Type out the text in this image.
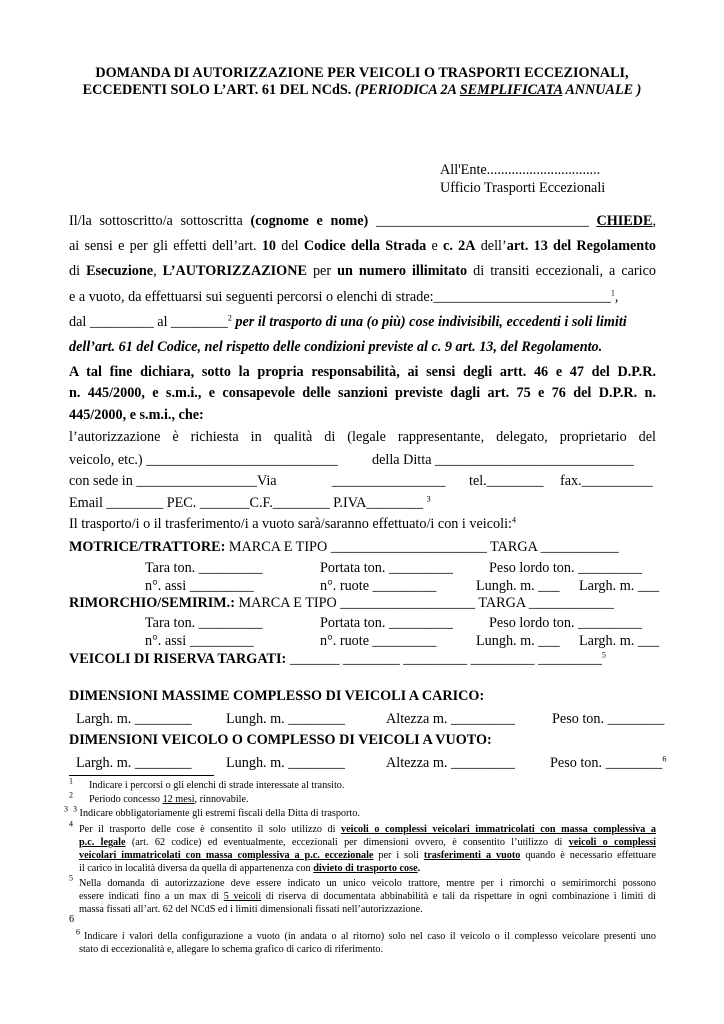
DOMANDA DI AUTORIZZAZIONE PER VEICOLI O TRASPORTI ECCEZIONALI,
ECCEDENTI SOLO L’ART. 61 DEL NCdS. (PERIODICA 2A SEMPLIFICATA ANNUALE )
All'Ente................................
Ufficio Trasporti Eccezionali
Il/la sottoscritto/a sottoscritta (cognome e nome) ______________________________ CHIEDE,
ai sensi e per gli effetti dell’art. 10 del Codice della Strada e c. 2A dell’art. 13 del Regolamento
di Esecuzione, L’AUTORIZZAZIONE per un numero illimitato di transiti eccezionali, a carico
e a vuoto, da effettuarsi sui seguenti percorsi o elenchi di strade:_________________________$^1$,
dal _________ al ________$^2$ per il trasporto di una (o più) cose indivisibili, eccedenti i soli limiti
dell’art. 61 del Codice, nel rispetto delle condizioni previste al c. 9 art. 13, del Regolamento.
A tal fine dichiara, sotto la propria responsabilità, ai sensi degli artt. 46 e 47 del D.P.R.
n. 445/2000, e s.m.i., e consapevole delle sanzioni previste dagli art. 75 e 76 del D.P.R. n.
445/2000, e s.m.i., che:
l’autorizzazione è richiesta in qualità di (legale rappresentante, delegato, proprietario del
veicolo, etc.) ___________________________ della Ditta ____________________________
con sede in _________________Via	________________ tel.________ fax.__________
Email ________ PEC. _______C.F.________ P.IVA________ $^3$
Il trasporto/i o il trasferimento/i a vuoto sarà/saranno effettuato/i con i veicoli:$^4$
MOTRICE/TRATTORE: MARCA E TIPO ______________________ TARGA ___________
Tara ton. _________	Portata ton. _________	Peso lordo ton. _________
n°. assi _________	n°. ruote _________	Lungh. m. ___ Largh. m. ___
RIMORCHIO/SEMIRIM.: MARCA E TIPO ___________________ TARGA ____________
Tara ton. _________	Portata ton. _________	Peso lordo ton. _________
n°. assi _________	n°. ruote _________	Lungh. m. ___ Largh. m. ___
VEICOLI DI RISERVA TARGATI: _______ ________ _________ _________ _________$^5$
DIMENSIONI MASSIME COMPLESSO DI VEICOLI A CARICO:
Largh. m. ________ Lungh. m. ________	Altezza m. _________	Peso ton. ________
DIMENSIONI VEICOLO O COMPLESSO DI VEICOLI A VUOTO:
Largh. m. ________ Lungh. m. ________	Altezza m. _________ Peso ton. ________$^6$
$^1$ Indicare i percorsi o gli elenchi di strade interessate al transito.
$^2$ Periodo concesso 12 mesi, rinnovabile.
$^3$ $^3$ Indicare obbligatoriamente gli estremi fiscali della Ditta di trasporto.
$^4$ Per il trasporto delle cose è consentito il solo utilizzo di veicoli o complessi veicolari immatricolati con massa complessiva a
p.c. legale (art. 62 codice) ed eventualmente, eccezionali per dimensioni ovvero, è consentito l’utilizzo di veicoli o complessi
veicolari immatricolati con massa complessiva a p.c. eccezionale per i soli trasferimenti a vuoto quando è necessario effettuare
il carico in località diversa da quella di appartenenza con divieto di trasporto cose.
$^5$ Nella domanda di autorizzazione deve essere indicato un unico veicolo trattore, mentre per i rimorchi o semirimorchi possono
essere indicati fino a un max di 5 veicoli di riserva di documentata abbinabilità e tali da rispettare in ogni combinazione i limiti di
massa fissati all’art. 62 del NCdS ed i limiti dimensionali fissati nell’autorizzazione.
6
$^6$ Indicare i valori della configurazione a vuoto (in andata o al ritorno) solo nel caso il veicolo o il complesso veicolare presenti uno
stato di eccezionalità e, allegare lo schema grafico di carico di riferimento.
